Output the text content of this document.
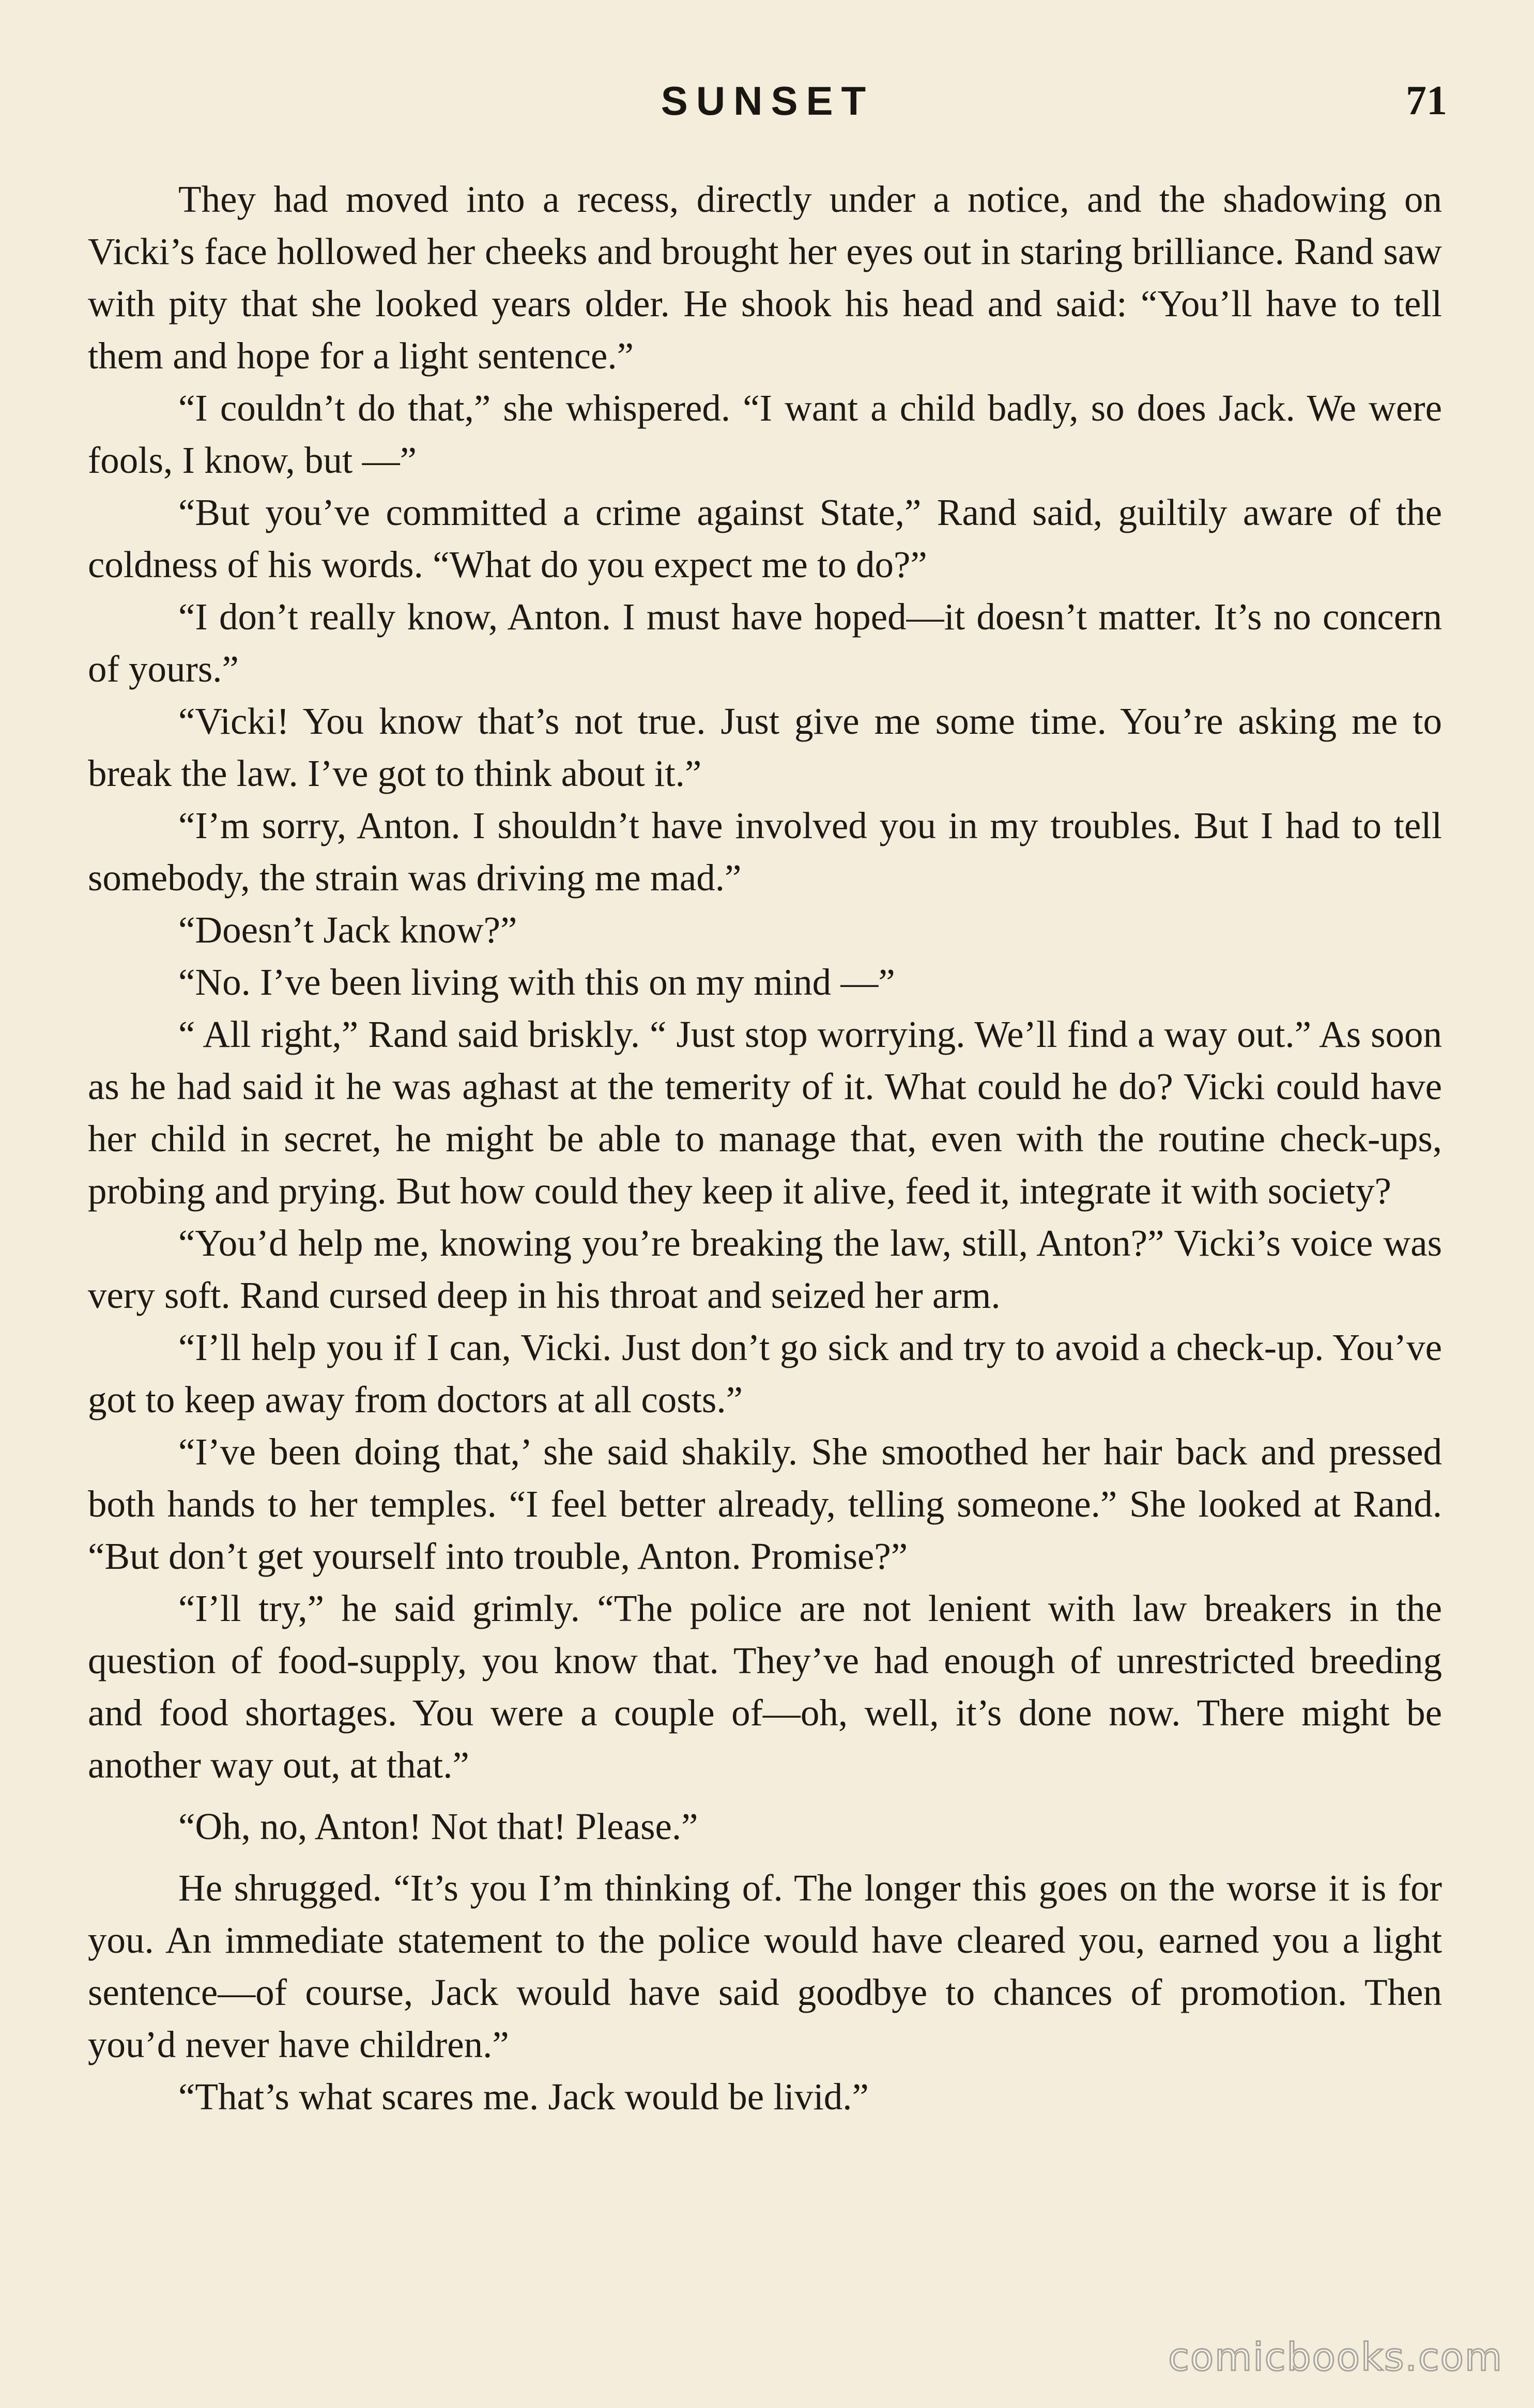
SUNSET	71

They had moved into a recess, directly under a notice, and the shadowing on Vicki’s face hollowed her cheeks and brought her eyes out in staring brilliance. Rand saw with pity that she looked years older. He shook his head and said: “You’ll have to tell them and hope for a light sentence.”

“I couldn’t do that,” she whispered. “I want a child badly, so does Jack. We were fools, I know, but —”

“But you’ve committed a crime against State,” Rand said, guiltily aware of the coldness of his words. “What do you expect me to do?”

“I don’t really know, Anton. I must have hoped—it doesn’t matter. It’s no concern of yours.”

“Vicki! You know that’s not true. Just give me some time. You’re asking me to break the law. I’ve got to think about it.”

“I’m sorry, Anton. I shouldn’t have involved you in my troubles. But I had to tell somebody, the strain was driving me mad.”

“Doesn’t Jack know?”

“No. I’ve been living with this on my mind —”

“ All right,” Rand said briskly. “ Just stop worrying. We’ll find a way out.” As soon as he had said it he was aghast at the temerity of it. What could he do? Vicki could have her child in secret, he might be able to manage that, even with the routine check-ups, probing and prying. But how could they keep it alive, feed it, integrate it with society?

“You’d help me, knowing you’re breaking the law, still, Anton?” Vicki’s voice was very soft. Rand cursed deep in his throat and seized her arm.

“I’ll help you if I can, Vicki. Just don’t go sick and try to avoid a check-up. You’ve got to keep away from doctors at all costs.”

“I’ve been doing that,’ she said shakily. She smoothed her hair back and pressed both hands to her temples. “I feel better already, telling someone.” She looked at Rand. “But don’t get yourself into trouble, Anton. Promise?”

“I’ll try,” he said grimly. “The police are not lenient with law breakers in the question of food-supply, you know that. They’ve had enough of unrestricted breeding and food shortages. You were a couple of—oh, well, it’s done now. There might be another way out, at that.”

“Oh, no, Anton! Not that! Please.”

He shrugged. “It’s you I’m thinking of. The longer this goes on the worse it is for you. An immediate statement to the police would have cleared you, earned you a light sentence—of course, Jack would have said goodbye to chances of promotion. Then you’d never have children.”

“That’s what scares me. Jack would be livid.”

comicbooks.com
